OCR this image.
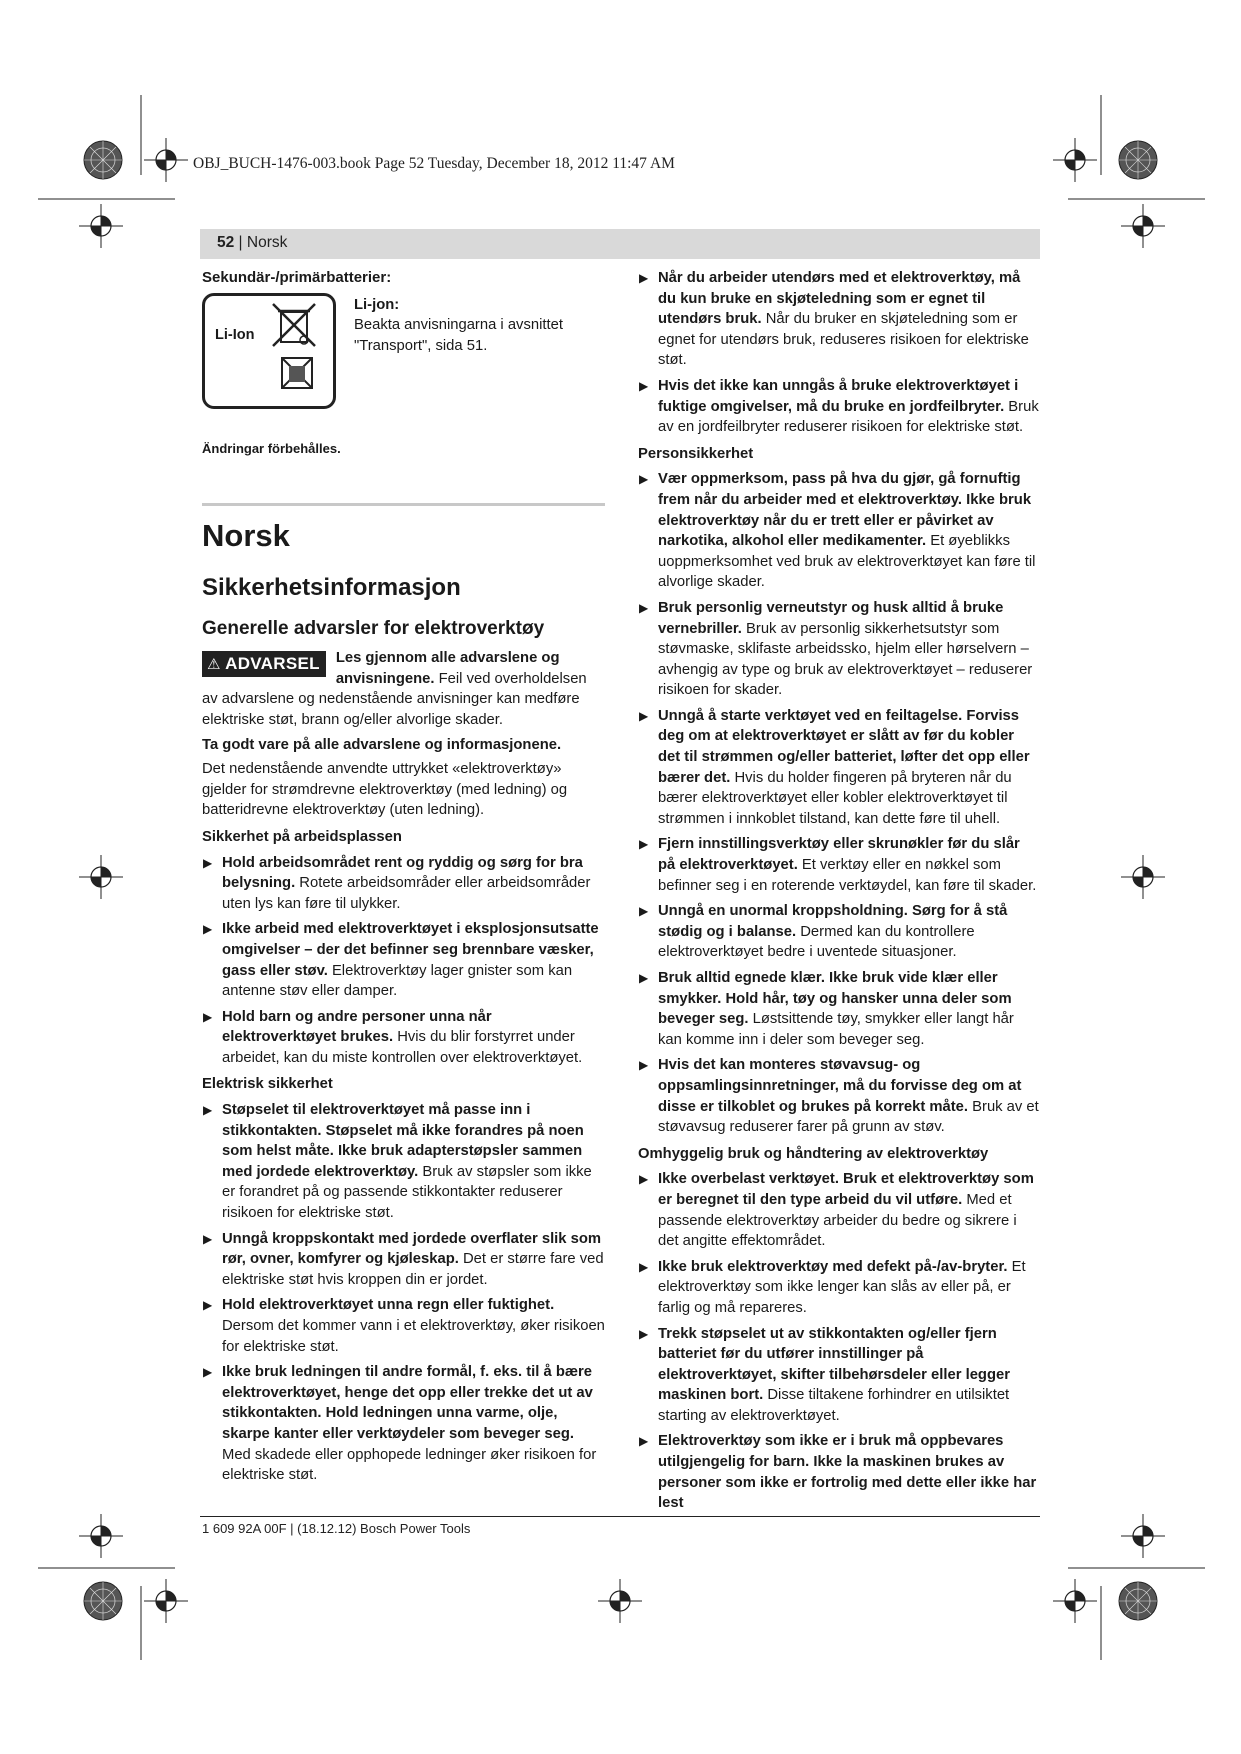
OBJ_BUCH-1476-003.book Page 52 Tuesday, December 18, 2012 11:47 AM
52 | Norsk

Sekundär-/primärbatterier:

Li-Ion

Li-jon:

Beakta anvisningarna i avsnittet "Transport", sida 51.

Ändringar förbehålles.

Norsk
Sikkerhetsinformasjon
Generelle advarsler for elektroverktøy
⚠ ADVARSEL	Les gjennom alle advarslene og anvisningene. Feil ved overholdelsen av advarslene og nedenstående anvisninger kan medføre elektriske støt, brann og/eller alvorlige skader.

Ta godt vare på alle advarslene og informasjonene.

Det nedenstående anvendte uttrykket «elektroverktøy» gjelder for strømdrevne elektroverktøy (med ledning) og batteridrevne elektroverktøy (uten ledning).

Sikkerhet på arbeidsplassen

▶ Hold arbeidsområdet rent og ryddig og sørg for bra belysning. Rotete arbeidsområder eller arbeidsområder uten lys kan føre til ulykker.
▶ Ikke arbeid med elektroverktøyet i eksplosjonsutsatte omgivelser – der det befinner seg brennbare væsker, gass eller støv. Elektroverktøy lager gnister som kan antenne støv eller damper.
▶ Hold barn og andre personer unna når elektroverktøyet brukes. Hvis du blir forstyrret under arbeidet, kan du miste kontrollen over elektroverktøyet.

Elektrisk sikkerhet

▶ Støpselet til elektroverktøyet må passe inn i stikkontakten. Støpselet må ikke forandres på noen som helst måte. Ikke bruk adapterstøpsler sammen med jordede elektroverktøy. Bruk av støpsler som ikke er forandret på og passende stikkontakter reduserer risikoen for elektriske støt.
▶ Unngå kroppskontakt med jordede overflater slik som rør, ovner, komfyrer og kjøleskap. Det er større fare ved elektriske støt hvis kroppen din er jordet.
▶ Hold elektroverktøyet unna regn eller fuktighet. Dersom det kommer vann i et elektroverktøy, øker risikoen for elektriske støt.
▶ Ikke bruk ledningen til andre formål, f. eks. til å bære elektroverktøyet, henge det opp eller trekke det ut av stikkontakten. Hold ledningen unna varme, olje, skarpe kanter eller verktøydeler som beveger seg. Med skadede eller opphopede ledninger øker risikoen for elektriske støt.
▶ Når du arbeider utendørs med et elektroverktøy, må du kun bruke en skjøteledning som er egnet til utendørs bruk. Når du bruker en skjøteledning som er egnet for utendørs bruk, reduseres risikoen for elektriske støt.
▶ Hvis det ikke kan unngås å bruke elektroverktøyet i fuktige omgivelser, må du bruke en jordfeilbryter. Bruk av en jordfeilbryter reduserer risikoen for elektriske støt.

Personsikkerhet

▶ Vær oppmerksom, pass på hva du gjør, gå fornuftig frem når du arbeider med et elektroverktøy. Ikke bruk elektroverktøy når du er trett eller er påvirket av narkotika, alkohol eller medikamenter. Et øyeblikks uoppmerksomhet ved bruk av elektroverktøyet kan føre til alvorlige skader.
▶ Bruk personlig verneutstyr og husk alltid å bruke vernebriller. Bruk av personlig sikkerhetsutstyr som støvmaske, sklifaste arbeidssko, hjelm eller hørselvern – avhengig av type og bruk av elektroverktøyet – reduserer risikoen for skader.
▶ Unngå å starte verktøyet ved en feiltagelse. Forviss deg om at elektroverktøyet er slått av før du kobler det til strømmen og/eller batteriet, løfter det opp eller bærer det. Hvis du holder fingeren på bryteren når du bærer elektroverktøyet eller kobler elektroverktøyet til strømmen i innkoblet tilstand, kan dette føre til uhell.
▶ Fjern innstillingsverktøy eller skrunøkler før du slår på elektroverktøyet. Et verktøy eller en nøkkel som befinner seg i en roterende verktøydel, kan føre til skader.
▶ Unngå en unormal kroppsholdning. Sørg for å stå stødig og i balanse. Dermed kan du kontrollere elektroverktøyet bedre i uventede situasjoner.
▶ Bruk alltid egnede klær. Ikke bruk vide klær eller smykker. Hold hår, tøy og hansker unna deler som beveger seg. Løstsittende tøy, smykker eller langt hår kan komme inn i deler som beveger seg.
▶ Hvis det kan monteres støvavsug- og oppsamlingsinnretninger, må du forvisse deg om at disse er tilkoblet og brukes på korrekt måte. Bruk av et støvavsug reduserer farer på grunn av støv.

Omhyggelig bruk og håndtering av elektroverktøy

▶ Ikke overbelast verktøyet. Bruk et elektroverktøy som er beregnet til den type arbeid du vil utføre. Med et passende elektroverktøy arbeider du bedre og sikrere i det angitte effektområdet.
▶ Ikke bruk elektroverktøy med defekt på-/av-bryter. Et elektroverktøy som ikke lenger kan slås av eller på, er farlig og må repareres.
▶ Trekk støpselet ut av stikkontakten og/eller fjern batteriet før du utfører innstillinger på elektroverktøyet, skifter tilbehørsdeler eller legger maskinen bort. Disse tiltakene forhindrer en utilsiktet starting av elektroverktøyet.
▶ Elektroverktøy som ikke er i bruk må oppbevares utilgjengelig for barn. Ikke la maskinen brukes av personer som ikke er fortrolig med dette eller ikke har lest
1 609 92A 00F | (18.12.12) Bosch Power Tools
